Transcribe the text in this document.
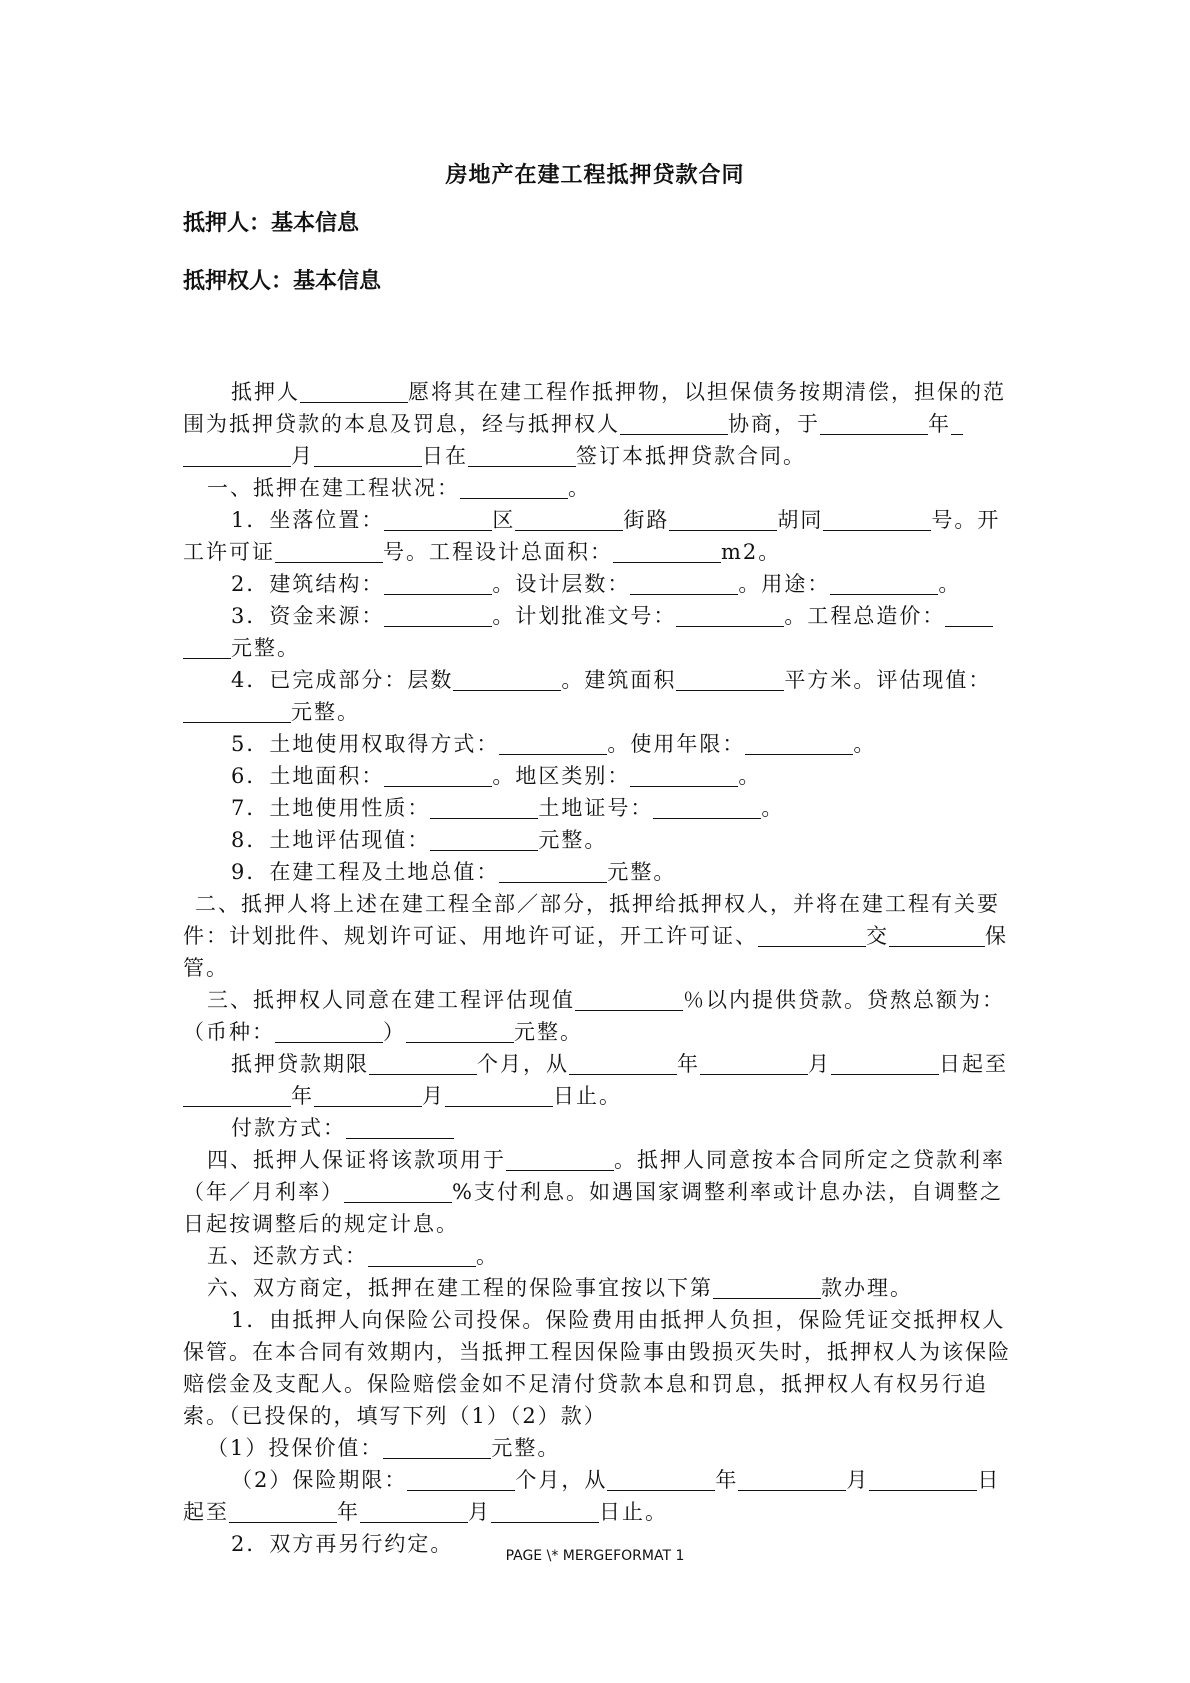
房地产在建工程抵押贷款合同
抵押人：基本信息
抵押权人：基本信息

抵押人	愿将其在建工程作抵押物，以担保债务按期清偿，担保的范围为抵押贷款的本息及罚息，经与抵押权人	协商，于	年月	日在	签订本抵押贷款合同。

一、抵押在建工程状况：	。

1．坐落位置：	区	街路	胡同	号。开工许可证	号。工程设计总面积：	m2。

2．建筑结构：	。设计层数：	。用途：	。

3．资金来源：	。计划批准文号：	。工程总造价：元整。

4．已完成部分：层数	。建筑面积	平方米。评估现值：元整。

5．土地使用权取得方式：	。使用年限：	。

6．土地面积：	。地区类别：	。

7．土地使用性质：	土地证号：	。

8．土地评估现值：	元整。

9．在建工程及土地总值：	元整。

二、抵押人将上述在建工程全部／部分，抵押给抵押权人，并将在建工程有关要件：计划批件、规划许可证、用地许可证，开工许可证、	交	保管。

三、抵押权人同意在建工程评估现值	％以内提供贷款。贷熬总额为：（币种：	）	元整。

抵押贷款期限	个月，从	年	月	日起至年	月	日止。

付款方式：

四、抵押人保证将该款项用于	。抵押人同意按本合同所定之贷款利率（年／月利率）	%支付利息。如遇国家调整利率或计息办法，自调整之日起按调整后的规定计息。

五、还款方式：	。

六、双方商定，抵押在建工程的保险事宜按以下第	款办理。

1．由抵押人向保险公司投保。保险费用由抵押人负担，保险凭证交抵押权人保管。在本合同有效期内，当抵押工程因保险事由毁损灭失时，抵押权人为该保险赔偿金及支配人。保险赔偿金如不足清付贷款本息和罚息，抵押权人有权另行追索。（已投保的，填写下列（1）（2）款）

（1）投保价值：	元整。

（2）保险期限：	个月，从	年	月	日起至	年	月	日止。

2．双方再另行约定。	PAGE \* MERGEFORMAT 1
